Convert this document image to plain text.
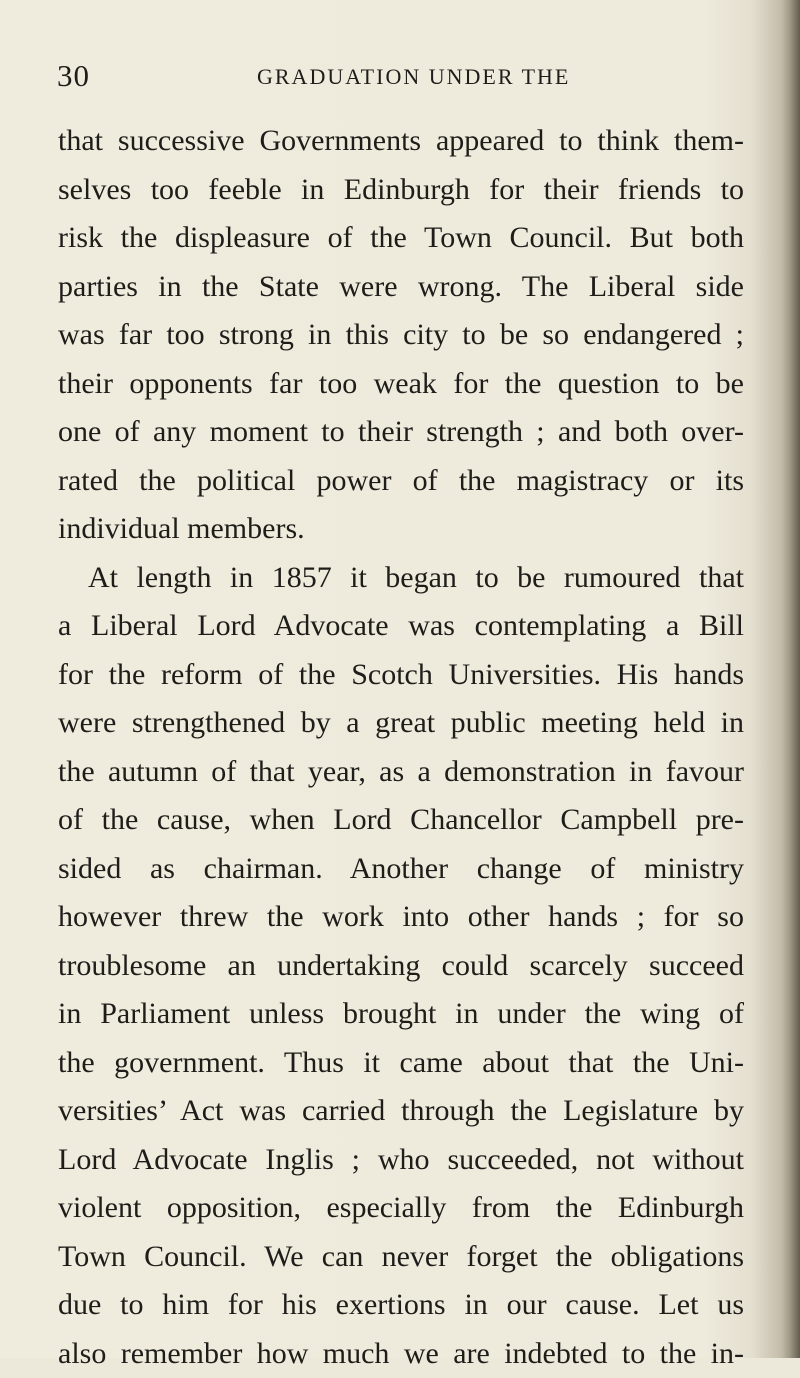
30	GRADUATION UNDER THE
that successive Governments appeared to think them-
selves too feeble in Edinburgh for their friends to
risk the displeasure of the Town Council. But both
parties in the State were wrong. The Liberal side
was far too strong in this city to be so endangered ;
their opponents far too weak for the question to be
one of any moment to their strength ; and both over-
rated the political power of the magistracy or its
individual members.
At length in 1857 it began to be rumoured that
a Liberal Lord Advocate was contemplating a Bill
for the reform of the Scotch Universities. His hands
were strengthened by a great public meeting held in
the autumn of that year, as a demonstration in favour
of the cause, when Lord Chancellor Campbell pre-
sided as chairman. Another change of ministry
however threw the work into other hands ; for so
troublesome an undertaking could scarcely succeed
in Parliament unless brought in under the wing of
the government. Thus it came about that the Uni-
versities’ Act was carried through the Legislature by
Lord Advocate Inglis ; who succeeded, not without
violent opposition, especially from the Edinburgh
Town Council. We can never forget the obligations
due to him for his exertions in our cause. Let us
also remember how much we are indebted to the in-
